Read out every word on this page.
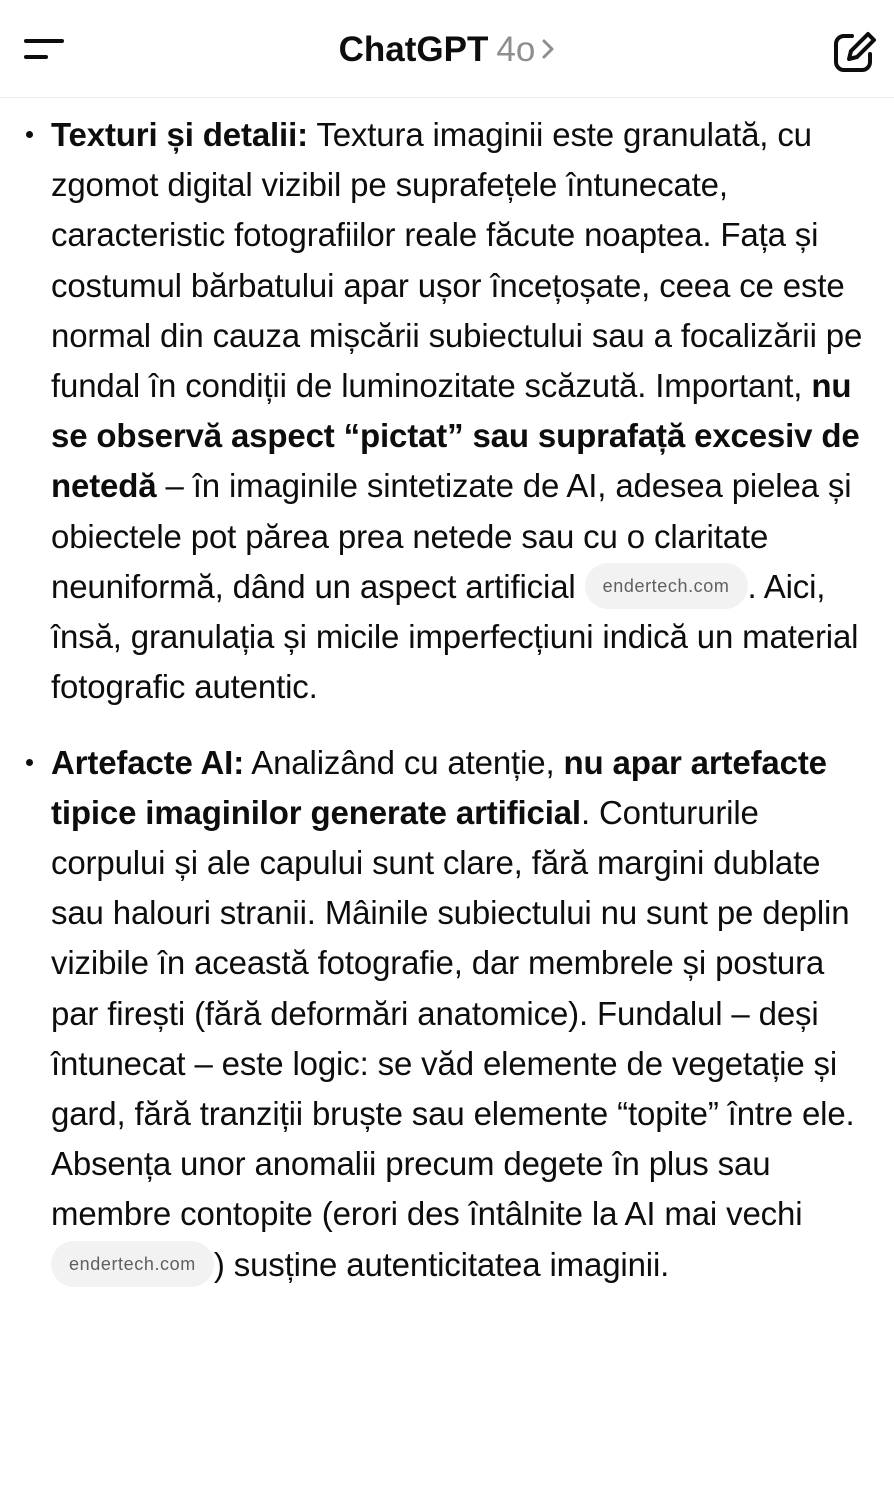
ChatGPT 4o
Texturi și detalii: Textura imaginii este granulată, cu zgomot digital vizibil pe suprafețele întunecate, caracteristic fotografiilor reale făcute noaptea. Fața și costumul bărbatului apar ușor încețoșate, ceea ce este normal din cauza mișcării subiectului sau a focalizării pe fundal în condiții de luminozitate scăzută. Important, nu se observă aspect “pictat” sau suprafață excesiv de netedă – în imaginile sintetizate de AI, adesea pielea și obiectele pot părea prea netede sau cu o claritate neuniformă, dând un aspect artificial endertech.com . Aici, însă, granulația și micile imperfecțiuni indică un material fotografic autentic.
Artefacte AI: Analizând cu atenție, nu apar artefacte tipice imaginilor generate artificial. Contururile corpului și ale capului sunt clare, fără margini dublate sau halouri stranii. Mâinile subiectului nu sunt pe deplin vizibile în această fotografie, dar membrele și postura par firești (fără deformări anatomice). Fundalul – deși întunecat – este logic: se văd elemente de vegetație și gard, fără tranziții bruște sau elemente “topite” între ele. Absența unor anomalii precum degete în plus sau membre contopite (erori des întâlnite la AI mai vechi endertech.com ) susține autenticitatea imaginii.
